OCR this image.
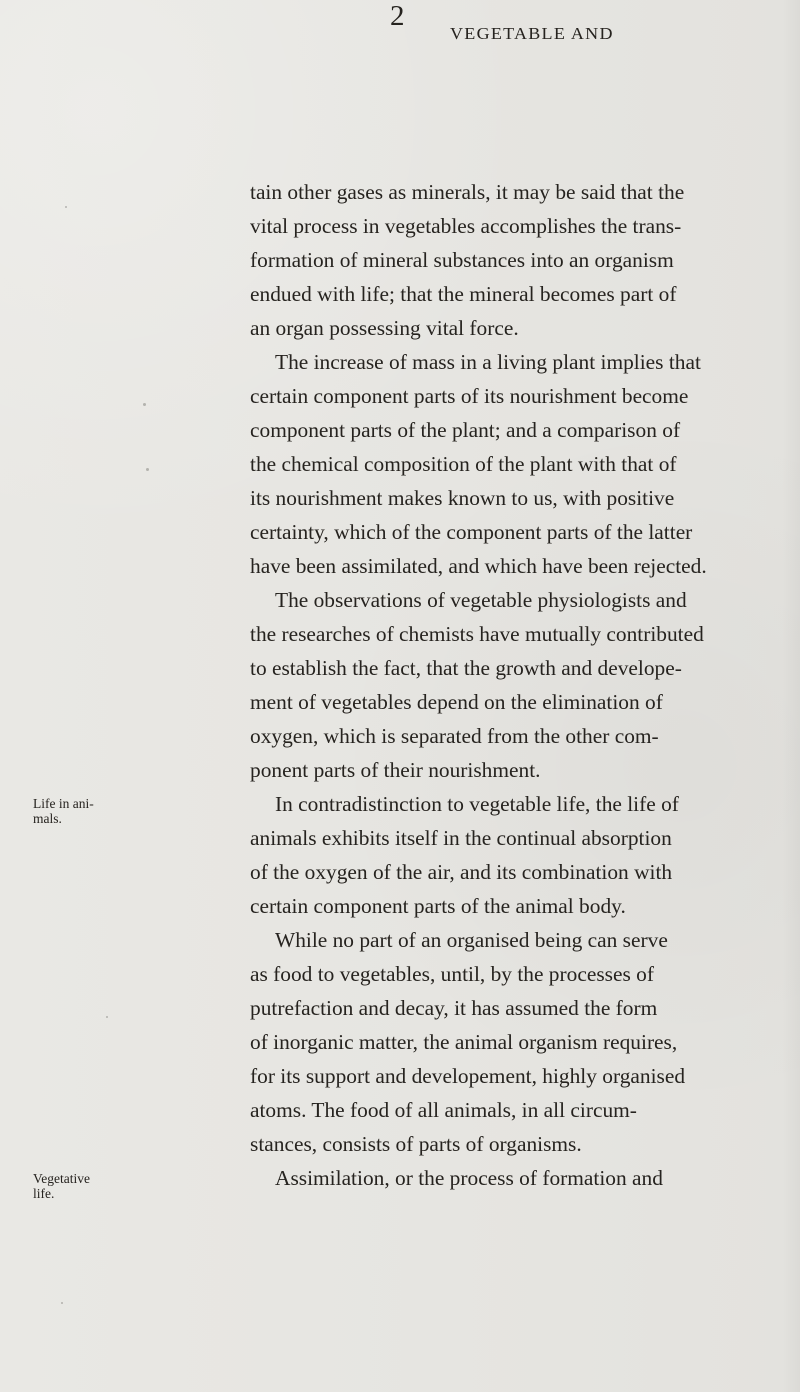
2
VEGETABLE AND
tain other gases as minerals, it may be said that the
vital process in vegetables accomplishes the trans-
formation of mineral substances into an organism
endued with life; that the mineral becomes part of
an organ possessing vital force.
The increase of mass in a living plant implies that
certain component parts of its nourishment become
component parts of the plant; and a comparison of
the chemical composition of the plant with that of
its nourishment makes known to us, with positive
certainty, which of the component parts of the latter
have been assimilated, and which have been rejected.
The observations of vegetable physiologists and
the researches of chemists have mutually contributed
to establish the fact, that the growth and develope-
ment of vegetables depend on the elimination of
oxygen, which is separated from the other com-
ponent parts of their nourishment.
In contradistinction to vegetable life, the life of
animals exhibits itself in the continual absorption
of the oxygen of the air, and its combination with
certain component parts of the animal body.
While no part of an organised being can serve
as food to vegetables, until, by the processes of
putrefaction and decay, it has assumed the form
of inorganic matter, the animal organism requires,
for its support and developement, highly organised
atoms. The food of all animals, in all circum-
stances, consists of parts of organisms.
Assimilation, or the process of formation and
Life in ani-
mals.
Vegetative
life.
